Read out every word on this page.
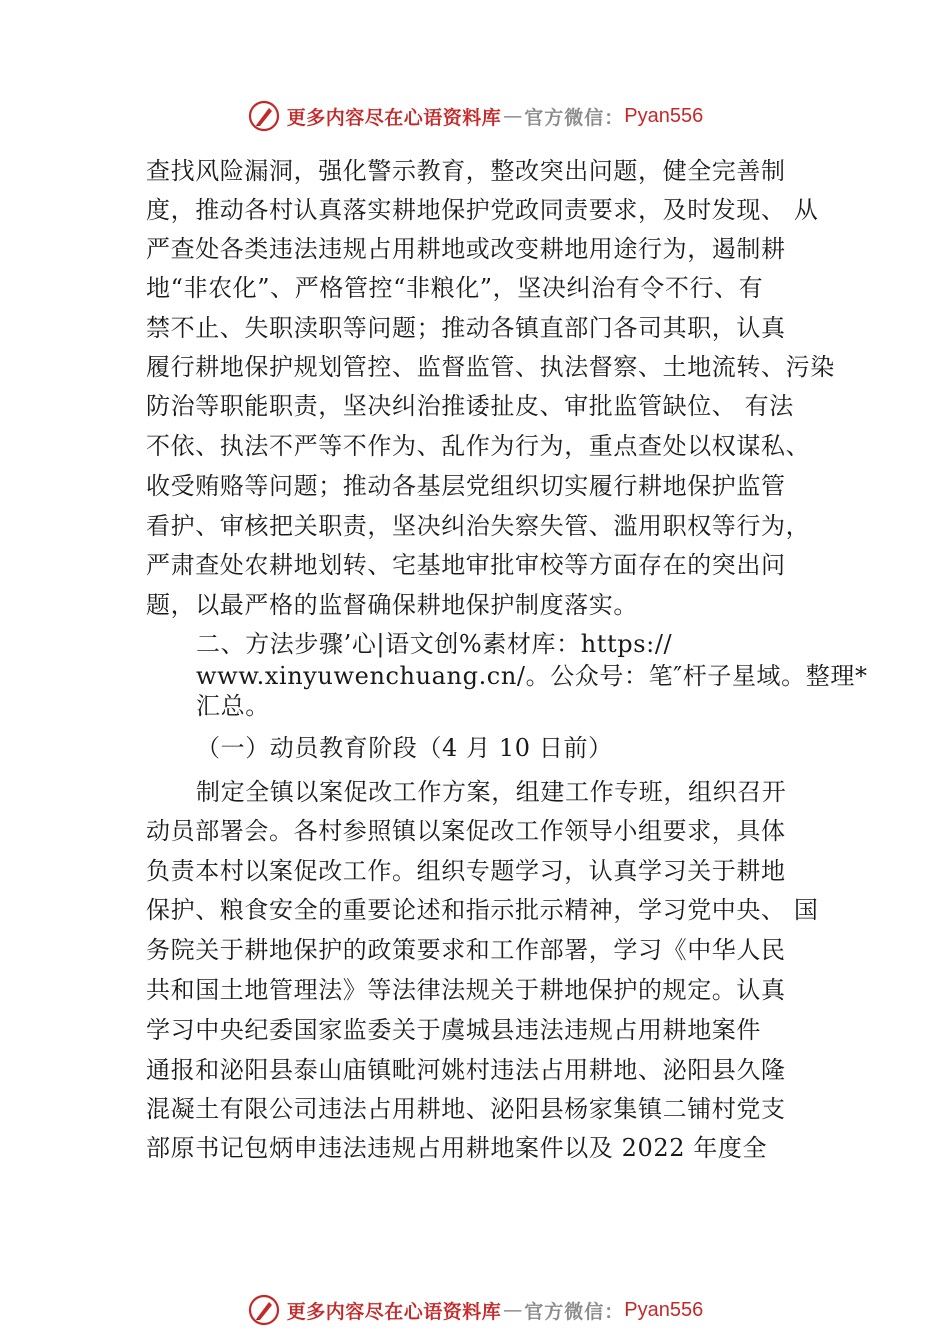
更多内容尽在心语资料库 — 官方微信： Pyan556
查找风险漏洞，强化警示教育，整改突出问题，健全完善制
度，推动各村认真落实耕地保护党政同责要求，及时发现、 从
严查处各类违法违规占用耕地或改变耕地用途行为，遏制耕
地“非农化”、严格管控“非粮化”，坚决纠治有令不行、有
禁不止、失职渎职等问题；推动各镇直部门各司其职，认真
履行耕地保护规划管控、监督监管、执法督察、土地流转、污染
防治等职能职责，坚决纠治推诿扯皮、审批监管缺位、 有法
不依、执法不严等不作为、乱作为行为，重点查处以权谋私、
收受贿赂等问题；推动各基层党组织切实履行耕地保护监管
看护、审核把关职责，坚决纠治失察失管、滥用职权等行为，
严肃查处农耕地划转、宅基地审批审校等方面存在的突出问
题，以最严格的监督确保耕地保护制度落实。
二、方法步骤’心|语文创%素材库：https://
www.xinyuwenchuang.cn/。公众号：笔″杆子星域。整理*
汇总。
（一）动员教育阶段（4 月 10 日前）
制定全镇以案促改工作方案，组建工作专班，组织召开
动员部署会。各村参照镇以案促改工作领导小组要求，具体
负责本村以案促改工作。组织专题学习，认真学习关于耕地
保护、粮食安全的重要论述和指示批示精神，学习党中央、 国
务院关于耕地保护的政策要求和工作部署，学习《中华人民
共和国土地管理法》等法律法规关于耕地保护的规定。认真
学习中央纪委国家监委关于虞城县违法违规占用耕地案件
通报和泌阳县泰山庙镇毗河姚村违法占用耕地、泌阳县久隆
混凝土有限公司违法占用耕地、泌阳县杨家集镇二铺村党支
部原书记包炳申违法违规占用耕地案件以及 2022 年度全
更多内容尽在心语资料库 — 官方微信： Pyan556
